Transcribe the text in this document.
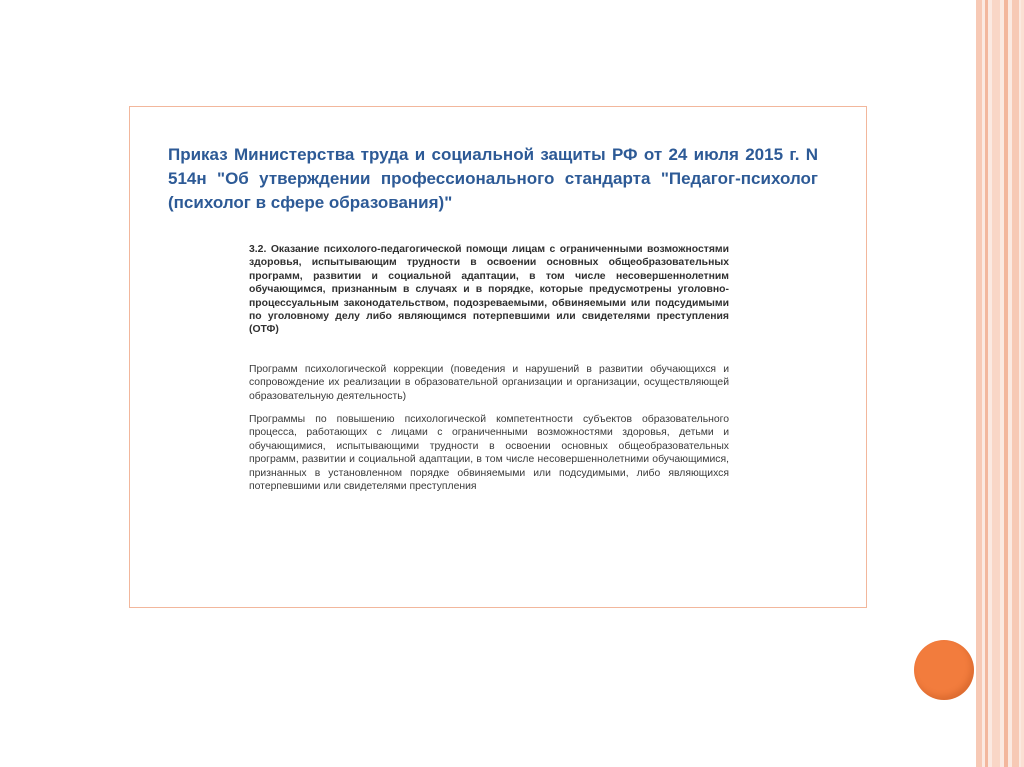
Приказ Министерства труда и социальной защиты РФ от 24 июля 2015 г. N 514н "Об утверждении профессионального стандарта "Педагог-психолог (психолог в сфере образования)"

3.2. Оказание психолого-педагогической помощи лицам с ограниченными возможностями здоровья, испытывающим трудности в освоении основных общеобразовательных программ, развитии и социальной адаптации, в том числе несовершеннолетним обучающимся, признанным в случаях и в порядке, которые предусмотрены уголовно-процессуальным законодательством, подозреваемыми, обвиняемыми или подсудимыми по уголовному делу либо являющимся потерпевшими или свидетелями преступления (ОТФ)

Программ психологической коррекции (поведения и нарушений в развитии обучающихся и сопровождение их реализации в образовательной организации и организации, осуществляющей образовательную деятельность)

Программы по повышению психологической компетентности субъектов образовательного процесса, работающих с лицами с ограниченными возможностями здоровья, детьми и обучающимися, испытывающими трудности в освоении основных общеобразовательных программ, развитии и социальной адаптации, в том числе несовершеннолетними обучающимися, признанных в установленном порядке обвиняемыми или подсудимыми, либо являющихся потерпевшими или свидетелями преступления
